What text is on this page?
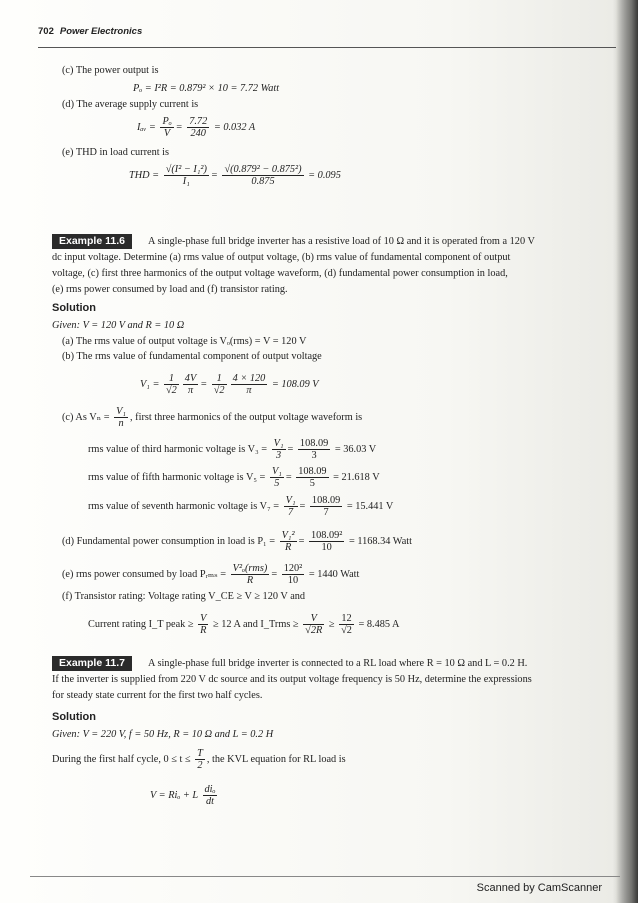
702 Power Electronics
(c) The power output is
Pₒ = I²R = 0.879² × 10 = 7.72 Watt
(d) The average supply current is
Iₐᵥ = $\frac{\text{Pₒ}}{V} = \frac{7.72}{240} = 0.032$ A
(e) THD in load current is
THD = $\frac{\text{√(I² − I₁²)}}{\text{I₁}} = \frac{\text{√(0.879² − 0.875²)}}{0.875} = 0.095$
Example 11.6	A single-phase full bridge inverter has a resistive load of 10 Ω and it is operated from a 120 V
dc input voltage. Determine (a) rms value of output voltage, (b) rms value of fundamental component of output
voltage, (c) first three harmonics of the output voltage waveform, (d) fundamental power consumption in load,
(e) rms power consumed by load and (f) transistor rating.
Solution
Given: V = 120 V and R = 10 Ω
(a) The rms value of output voltage is Vₒ(rms) = V = 120 V
(b) The rms value of fundamental component of output voltage
$V_1 = \frac{1}{√2} \frac{4V}{\pi} = \frac{1}{√2} \frac{4 \times 120}{\pi} = 108.09$ V
(c) As $V_n = \frac{\text{V₁}}{n}$ , first three harmonics of the output voltage waveform is
rms value of third harmonic voltage is $V_3 = \frac{\text{V₁}}{3} = \frac{108.09}{3} = 36.03$ V
rms value of fifth harmonic voltage is $V_5 = \frac{\text{V₁}}{5} = \frac{108.09}{5} = 21.618$ V
rms value of seventh harmonic voltage is $V_7 = \frac{\text{V₁}}{7} = \frac{108.09}{7} = 15.441$ V
(d) Fundamental power consumption in load is $P_1 = \frac{\text{V₁²}}{R} = \frac{\text{108.09²}}{10} = 1168.34$ Watt
(e) rms power consumed by load Pᵣₘₛ = $\frac{\text{V²ₒ(rms)}}{R} = \frac{\text{120²}}{10} = 1440$ Watt
(f) Transistor rating: Voltage rating V_CE ≥ V ≥ 120 V and
Current rating I_T peak ≥ $\frac{V}{R} \ge 12$ A and I_Trms ≥ $\frac{V}{√2R} \ge \frac{12}{√2} = 8.485$ A
Example 11.7	A single-phase full bridge inverter is connected to a RL load where R = 10 Ω and L = 0.2 H.
If the inverter is supplied from 220 V dc source and its output voltage frequency is 50 Hz, determine the expressions
for steady state current for the first two half cycles.
Solution
Given: V = 220 V, f = 50 Hz, R = 10 Ω and L = 0.2 H
During the first half cycle, $0 \le t \le \frac{T}{2}$ , the KVL equation for RL load is
V = Riₒ + L $\frac{\text{diₒ}}{dt}$
Scanned by CamScanner
